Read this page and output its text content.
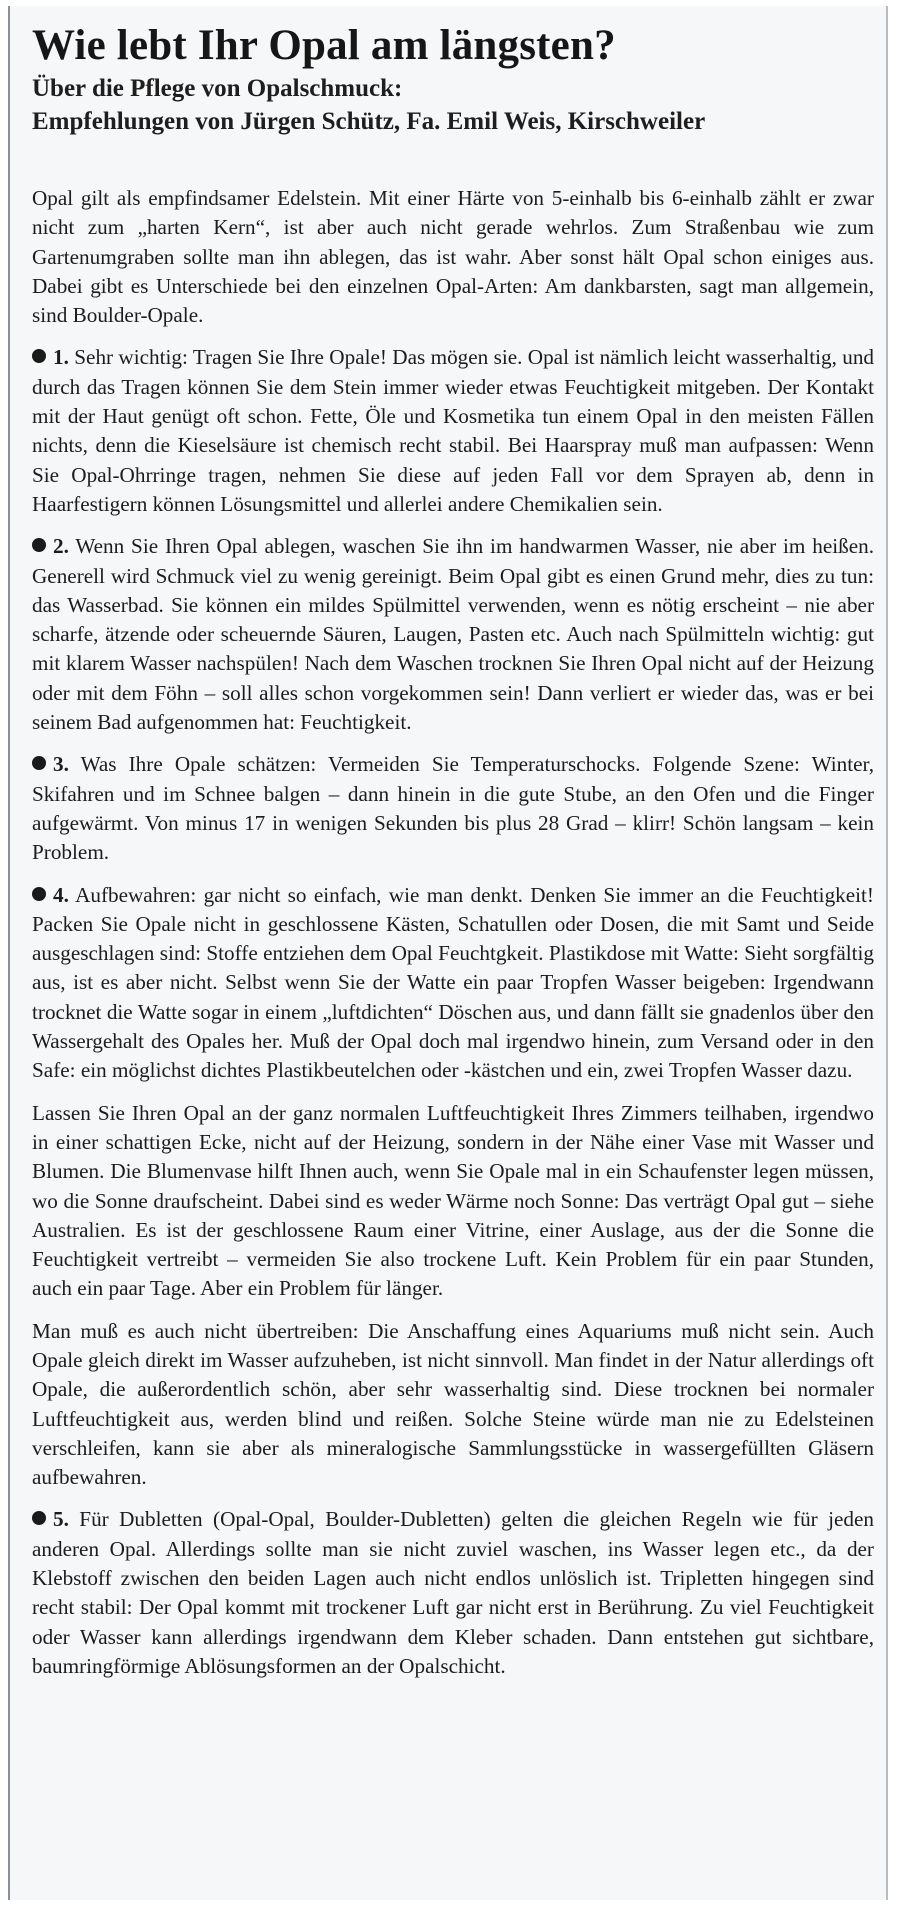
Wie lebt Ihr Opal am längsten?
Über die Pflege von Opalschmuck:
Empfehlungen von Jürgen Schütz, Fa. Emil Weis, Kirschweiler

Opal gilt als empfindsamer Edelstein. Mit einer Härte von 5-einhalb bis 6-einhalb zählt er zwar nicht zum „harten Kern“, ist aber auch nicht gerade wehrlos. Zum Straßenbau wie zum Gartenumgraben sollte man ihn ablegen, das ist wahr. Aber sonst hält Opal schon einiges aus. Dabei gibt es Unterschiede bei den einzelnen Opal-Arten: Am dankbarsten, sagt man allgemein, sind Boulder-Opale.

1. Sehr wichtig: Tragen Sie Ihre Opale! Das mögen sie. Opal ist nämlich leicht wasserhaltig, und durch das Tragen können Sie dem Stein immer wieder etwas Feuchtigkeit mitgeben. Der Kontakt mit der Haut genügt oft schon. Fette, Öle und Kosmetika tun einem Opal in den meisten Fällen nichts, denn die Kieselsäure ist chemisch recht stabil. Bei Haarspray muß man aufpassen: Wenn Sie Opal-Ohrringe tragen, nehmen Sie diese auf jeden Fall vor dem Sprayen ab, denn in Haarfestigern können Lösungsmittel und allerlei andere Chemikalien sein.

2. Wenn Sie Ihren Opal ablegen, waschen Sie ihn im handwarmen Wasser, nie aber im heißen. Generell wird Schmuck viel zu wenig gereinigt. Beim Opal gibt es einen Grund mehr, dies zu tun: das Wasserbad. Sie können ein mildes Spülmittel verwenden, wenn es nötig erscheint – nie aber scharfe, ätzende oder scheuernde Säuren, Laugen, Pasten etc. Auch nach Spülmitteln wichtig: gut mit klarem Wasser nachspülen! Nach dem Waschen trocknen Sie Ihren Opal nicht auf der Heizung oder mit dem Föhn – soll alles schon vorgekommen sein! Dann verliert er wieder das, was er bei seinem Bad aufgenommen hat: Feuchtigkeit.

3. Was Ihre Opale schätzen: Vermeiden Sie Temperaturschocks. Folgende Szene: Winter, Skifahren und im Schnee balgen – dann hinein in die gute Stube, an den Ofen und die Finger aufgewärmt. Von minus 17 in wenigen Sekunden bis plus 28 Grad – klirr! Schön langsam – kein Problem.

4. Aufbewahren: gar nicht so einfach, wie man denkt. Denken Sie immer an die Feuchtigkeit! Packen Sie Opale nicht in geschlossene Kästen, Schatullen oder Dosen, die mit Samt und Seide ausgeschlagen sind: Stoffe entziehen dem Opal Feuchtgkeit. Plastikdose mit Watte: Sieht sorgfältig aus, ist es aber nicht. Selbst wenn Sie der Watte ein paar Tropfen Wasser beigeben: Irgendwann trocknet die Watte sogar in einem „luftdichten“ Döschen aus, und dann fällt sie gnadenlos über den Wassergehalt des Opales her. Muß der Opal doch mal irgendwo hinein, zum Versand oder in den Safe: ein möglichst dichtes Plastikbeutelchen oder -kästchen und ein, zwei Tropfen Wasser dazu.

Lassen Sie Ihren Opal an der ganz normalen Luftfeuchtigkeit Ihres Zimmers teilhaben, irgendwo in einer schattigen Ecke, nicht auf der Heizung, sondern in der Nähe einer Vase mit Wasser und Blumen. Die Blumenvase hilft Ihnen auch, wenn Sie Opale mal in ein Schaufenster legen müssen, wo die Sonne draufscheint. Dabei sind es weder Wärme noch Sonne: Das verträgt Opal gut – siehe Australien. Es ist der geschlossene Raum einer Vitrine, einer Auslage, aus der die Sonne die Feuchtigkeit vertreibt – vermeiden Sie also trockene Luft. Kein Problem für ein paar Stunden, auch ein paar Tage. Aber ein Problem für länger.

Man muß es auch nicht übertreiben: Die Anschaffung eines Aquariums muß nicht sein. Auch Opale gleich direkt im Wasser aufzuheben, ist nicht sinnvoll. Man findet in der Natur allerdings oft Opale, die außerordentlich schön, aber sehr wasserhaltig sind. Diese trocknen bei normaler Luftfeuchtigkeit aus, werden blind und reißen. Solche Steine würde man nie zu Edelsteinen verschleifen, kann sie aber als mineralogische Sammlungsstücke in wassergefüllten Gläsern aufbewahren.

5. Für Dubletten (Opal-Opal, Boulder-Dubletten) gelten die gleichen Regeln wie für jeden anderen Opal. Allerdings sollte man sie nicht zuviel waschen, ins Wasser legen etc., da der Klebstoff zwischen den beiden Lagen auch nicht endlos unlöslich ist. Tripletten hingegen sind recht stabil: Der Opal kommt mit trockener Luft gar nicht erst in Berührung. Zu viel Feuchtigkeit oder Wasser kann allerdings irgendwann dem Kleber schaden. Dann entstehen gut sichtbare, baumringförmige Ablösungsformen an der Opalschicht.
